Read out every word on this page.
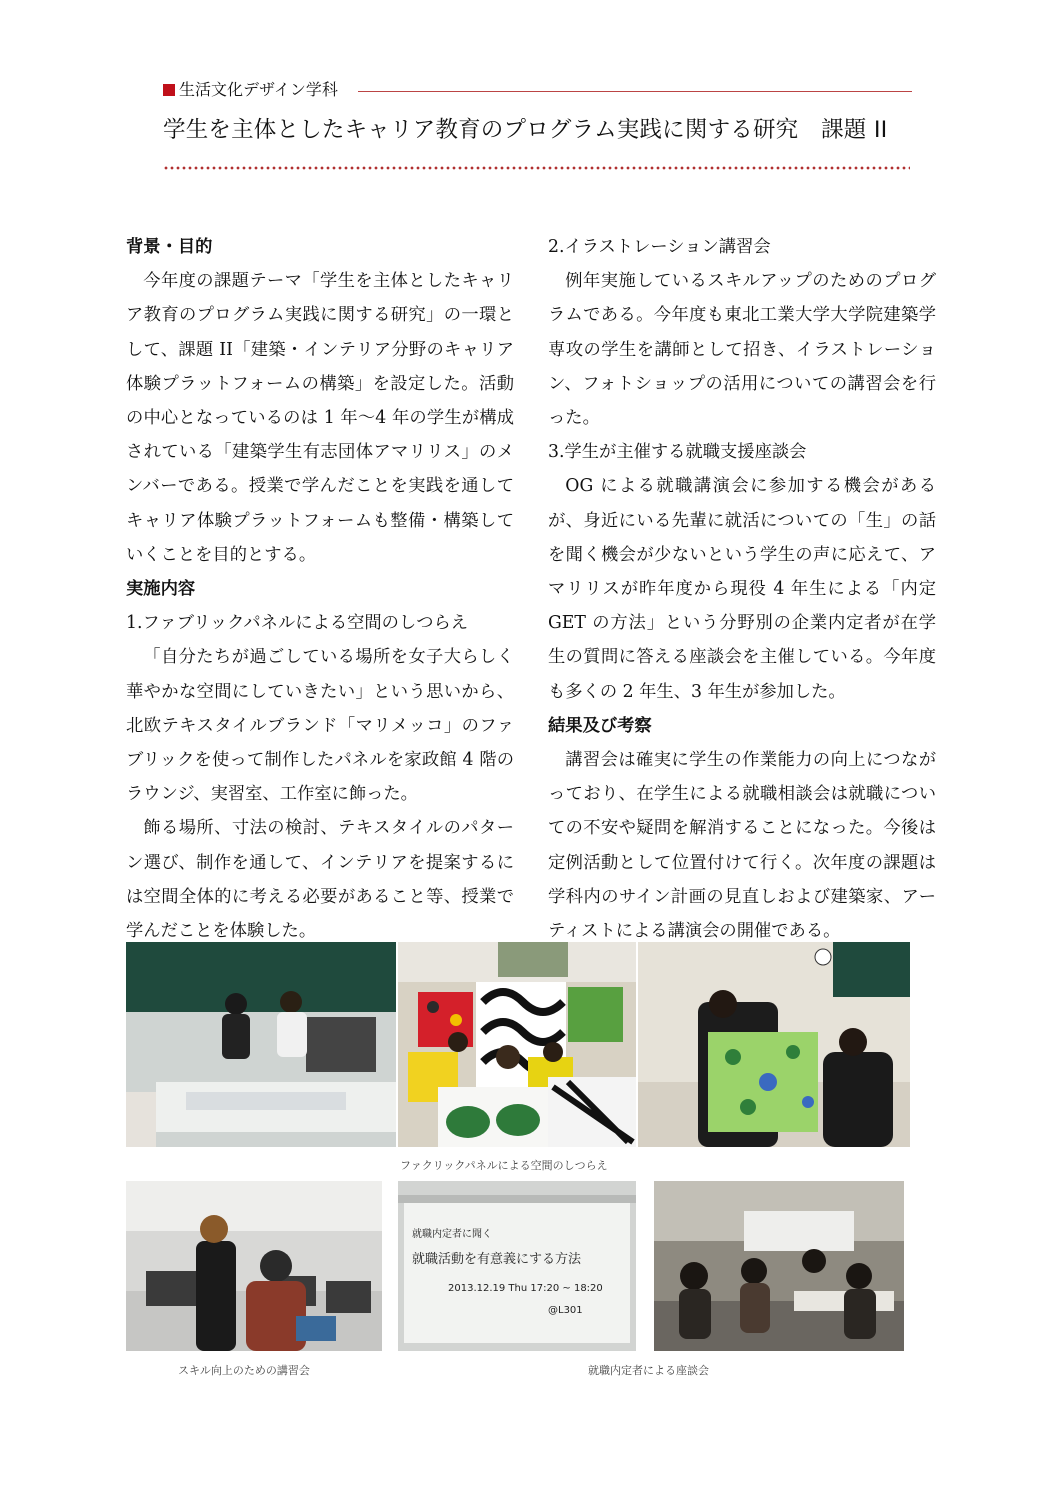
生活文化デザイン学科
学生を主体としたキャリア教育のプログラム実践に関する研究　課題 II

背景・目的

今年度の課題テーマ「学生を主体としたキャリア教育のプログラム実践に関する研究」の一環として、課題 II「建築・インテリア分野のキャリア体験プラットフォームの構築」を設定した。活動の中心となっているのは 1 年〜4 年の学生が構成されている「建築学生有志団体アマリリス」のメンバーである。授業で学んだことを実践を通してキャリア体験プラットフォームも整備・構築していくことを目的とする。

実施内容

1.ファブリックパネルによる空間のしつらえ

「自分たちが過ごしている場所を女子大らしく華やかな空間にしていきたい」という思いから、北欧テキスタイルブランド「マリメッコ」のファブリックを使って制作したパネルを家政館 4 階のラウンジ、実習室、工作室に飾った。

飾る場所、寸法の検討、テキスタイルのパターン選び、制作を通して、インテリアを提案するには空間全体的に考える必要があること等、授業で学んだことを体験した。

2.イラストレーション講習会

例年実施しているスキルアップのためのプログラムである。今年度も東北工業大学大学院建築学専攻の学生を講師として招き、イラストレーション、フォトショップの活用についての講習会を行った。

3.学生が主催する就職支援座談会

OG による就職講演会に参加する機会があるが、身近にいる先輩に就活についての「生」の話を聞く機会が少ないという学生の声に応えて、アマリリスが昨年度から現役 4 年生による「内定 GET の方法」という分野別の企業内定者が在学生の質問に答える座談会を主催している。今年度も多くの 2 年生、3 年生が参加した。

結果及び考察

講習会は確実に学生の作業能力の向上につながっており、在学生による就職相談会は就職についての不安や疑問を解消することになった。今後は定例活動として位置付けて行く。次年度の課題は学科内のサイン計画の見直しおよび建築家、アーティストによる講演会の開催である。

ファクリックパネルによる空間のしつらえ
就職内定者に聞く
就職活動を有意義にする方法
2013.12.19 Thu 17:20 ~ 18:20
@L301
スキル向上のための講習会	就職内定者による座談会
